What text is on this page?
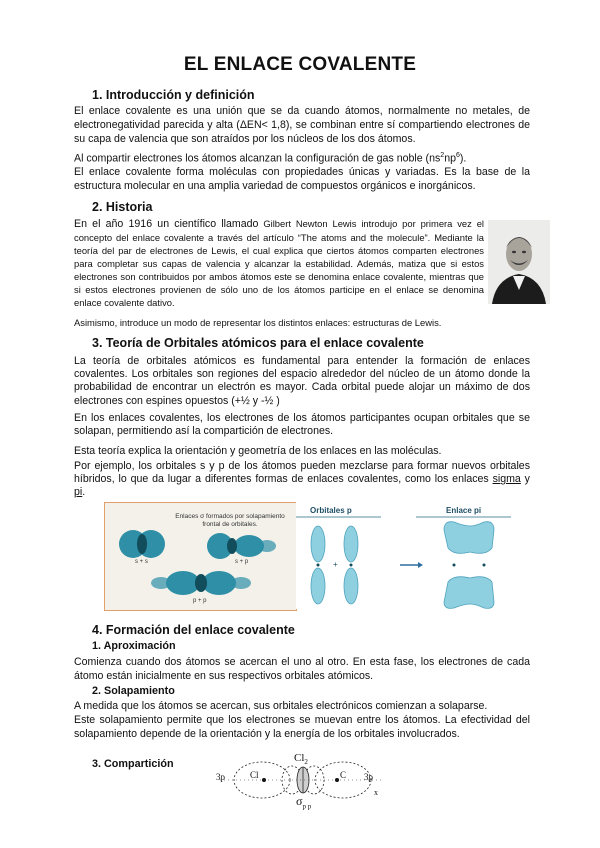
EL ENLACE COVALENTE
1. Introducción y definición
El enlace covalente es una unión que se da cuando átomos, normalmente no metales, de electronegatividad parecida y alta (ΔEN< 1,8), se combinan entre sí compartiendo electrones de su capa de valencia que son atraídos por los núcleos de los dos átomos.
Al compartir electrones los átomos alcanzan la configuración de gas noble $(ns^2np^6)$.
El enlace covalente forma moléculas con propiedades únicas y variadas. Es la base de la estructura molecular en una amplia variedad de compuestos orgánicos e inorgánicos.
2. Historia
En el año 1916 un científico llamado Gilbert Newton Lewis introdujo por primera vez el concepto del enlace covalente a través del artículo “The atoms and the molecule”. Mediante la teoría del par de electrones de Lewis, el cual explica que ciertos átomos comparten electrones para completar sus capas de valencia y alcanzar la estabilidad. Además, matiza que si estos electrones son contribuidos por ambos átomos este se denomina enlace covalente, mientras que si estos electrones provienen de sólo uno de los átomos participe en el enlace se denomina enlace covalente dativo.
Asimismo, introduce un modo de representar los distintos enlaces: estructuras de Lewis.
3. Teoría de Orbitales atómicos para el enlace covalente
La teoría de orbitales atómicos es fundamental para entender la formación de enlaces covalentes. Los orbitales son regiones del espacio alrededor del núcleo de un átomo donde la probabilidad de encontrar un electrón es mayor. Cada orbital puede alojar un máximo de dos electrones con espines opuestos (+½ y -½ )
En los enlaces covalentes, los electrones de los átomos participantes ocupan orbitales que se solapan, permitiendo así la compartición de electrones.
Esta teoría explica la orientación y geometría de los enlaces en las moléculas.
Por ejemplo, los orbitales s y p de los átomos pueden mezclarse para formar nuevos orbitales híbridos, lo que da lugar a diferentes formas de enlaces covalentes, como los enlaces sigma y pi.
Enlaces σ formados por solapamiento frontal de orbitales.
s + s	s + p
p + p
Orbitales p	Enlace pi
+
4. Formación del enlace covalente
1. Aproximación
Comienza cuando dos átomos se acercan el uno al otro. En esta fase, los electrones de cada átomo están inicialmente en sus respectivos orbitales atómicos.
2. Solapamiento
A medida que los átomos se acercan, sus orbitales electrónicos comienzan a solaparse.
Este solapamiento permite que los electrones se muevan entre los átomos. La efectividad del solapamiento depende de la orientación y la energía de los orbitales involucrados.
3. Compartición	$Cl_2$
3p	Cl	C 3p
x
$\sigma_{p p}$
